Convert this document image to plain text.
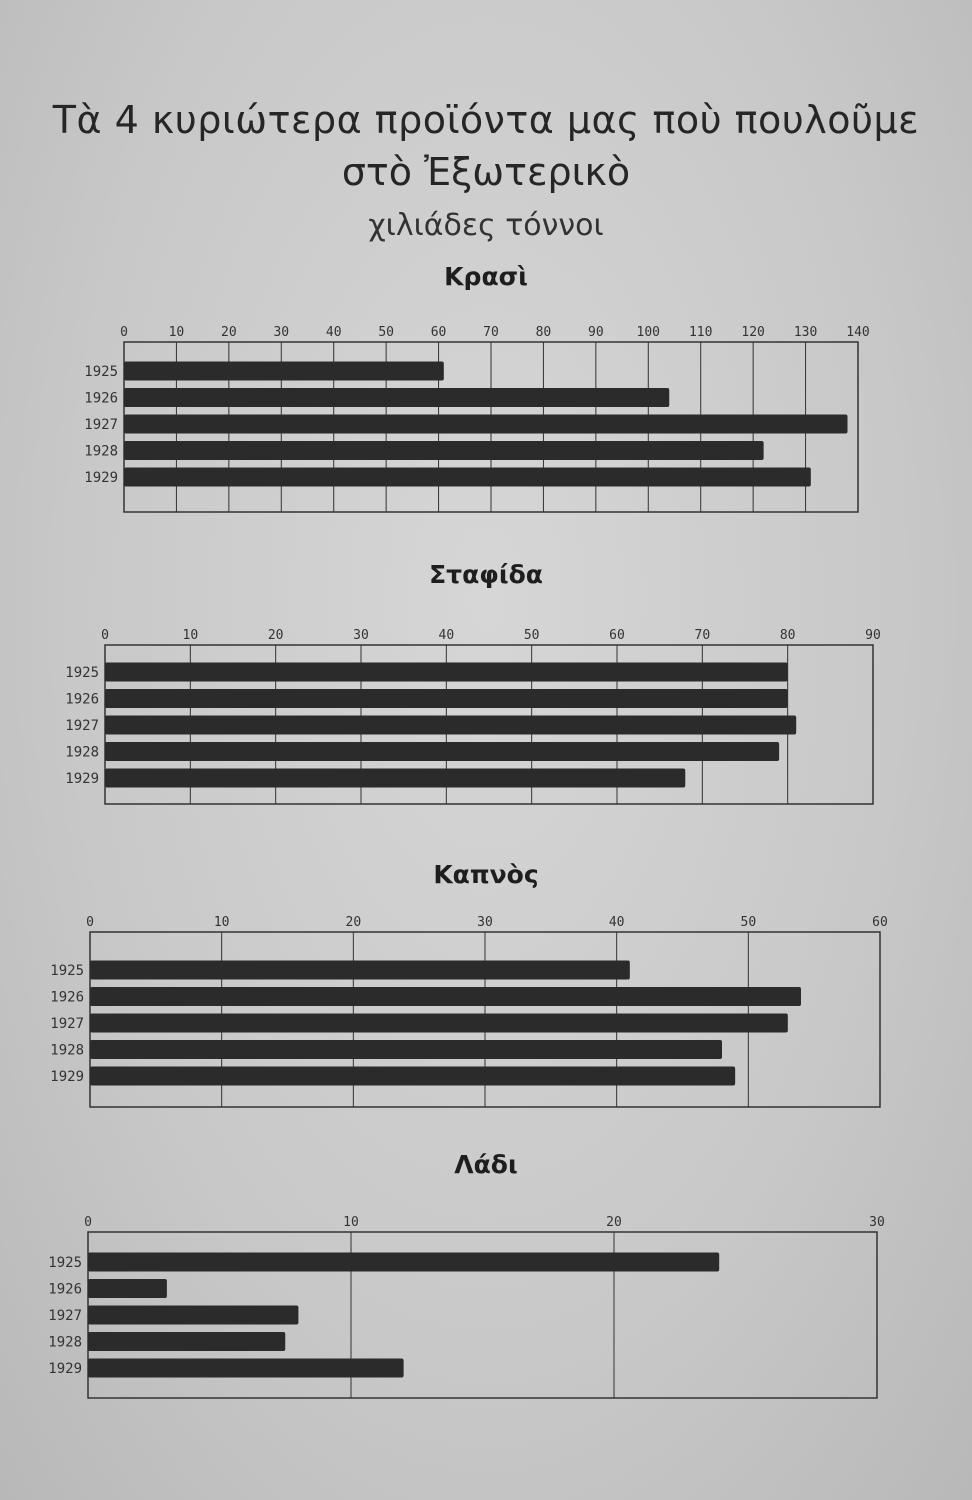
Τὰ 4 κυριώτερα προϊόντα μας ποὺ πουλοῦμε
στὸ Ἐξωτερικὸ
χιλιάδες τόννοι
Κρασὶ
Σταφίδα
Καπνὸς
Λάδι
0	10	20	30	40	50	60	70	80	90	100 110 120 130 140
1925
1926
1927
1928
1929
0	10	20	30	40	50	60	70	80	90
1925
1926
1927
1928
1929
0	10	20	30	40	50	60
1925
1926
1927
1928
1929
0	10	20	30
1925
1926
1927
1928
1929
